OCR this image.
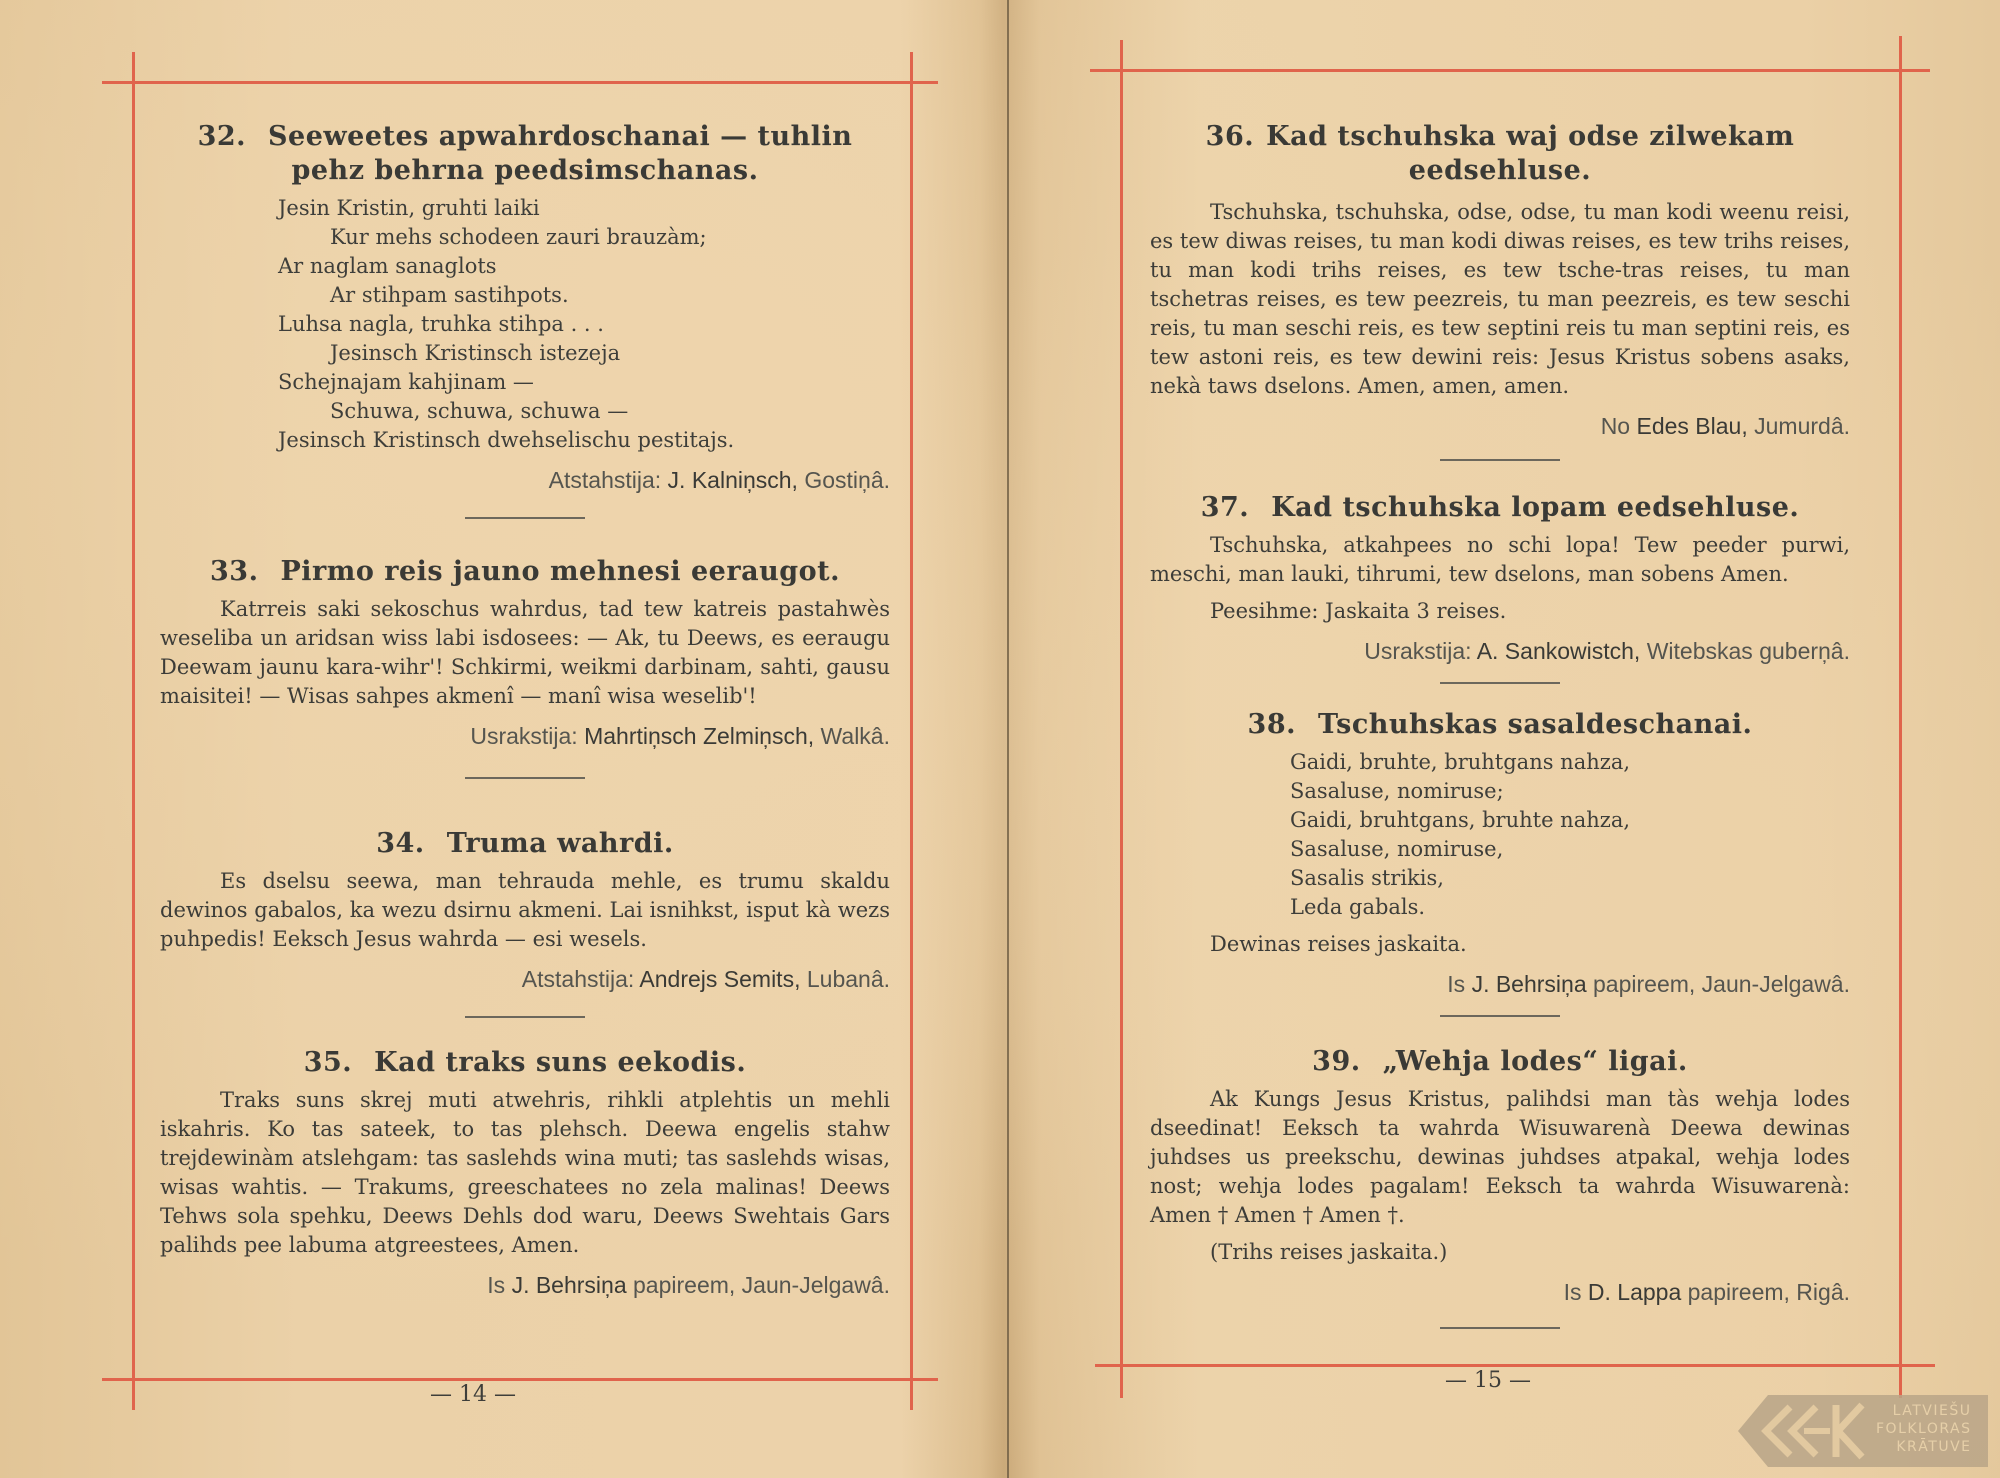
32. Seeweetes apwahrdoschanai — tuhlin pehz behrna peedsimschanas.
Jesin Kristin, gruhti laiki
Kur mehs schodeen zauri brauzàm;
Ar naglam sanaglots
Ar stihpam sastihpots.
Luhsa nagla, truhka stihpa . . .
Jesinsch Kristinsch istezeja
Schejnajam kahjinam —
Schuwa, schuwa, schuwa —
Jesinsch Kristinsch dwehselischu pestitajs.
Atstahstija: J. Kalniņsch, Gostiņâ.
33. Pirmo reis jauno mehnesi eeraugot.
Katrreis saki sekoschus wahrdus, tad tew katreis pastahwès weseliba un aridsan wiss labi isdosees: — Ak, tu Deews, es eeraugu Deewam jaunu kara-wihr'! Schkirmi, weikmi darbinam, sahti, gausu maisitei! — Wisas sahpes akmenî — manî wisa weselib'!
Usrakstija: Mahrtiņsch Zelmiņsch, Walkâ.
34. Truma wahrdi.
Es dselsu seewa, man tehrauda mehle, es trumu skaldu dewinos gabalos, ka wezu dsirnu akmeni. Lai isnihkst, isput kà wezs puhpedis! Eeksch Jesus wahrda — esi wesels.
Atstahstija: Andrejs Semits, Lubanâ.
35. Kad traks suns eekodis.
Traks suns skrej muti atwehris, rihkli atplehtis un mehli iskahris. Ko tas sateek, to tas plehsch. Deewa engelis stahw trejdewinàm atslehgam: tas saslehds wina muti; tas saslehds wisas, wisas wahtis. — Trakums, greeschatees no zela malinas! Deews Tehws sola spehku, Deews Dehls dod waru, Deews Swehtais Gars palihds pee labuma atgreestees, Amen.
Is J. Behrsiņa papireem, Jaun-Jelgawâ.
— 14 —
36. Kad tschuhska waj odse zilwekam eedsehluse.
Tschuhska, tschuhska, odse, odse, tu man kodi weenu reisi, es tew diwas reises, tu man kodi diwas reises, es tew trihs reises, tu man kodi trihs reises, es tew tsche-tras reises, tu man tschetras reises, es tew peezreis, tu man peezreis, es tew seschi reis, tu man seschi reis, es tew septini reis tu man septini reis, es tew astoni reis, es tew dewini reis: Jesus Kristus sobens asaks, nekà taws dselons. Amen, amen, amen.
No Edes Blau, Jumurdâ.
37. Kad tschuhska lopam eedsehluse.
Tschuhska, atkahpees no schi lopa! Tew peeder purwi, meschi, man lauki, tihrumi, tew dselons, man sobens Amen.
Peesihme: Jaskaita 3 reises.
Usrakstija: A. Sankowistch, Witebskas guberņâ.
38. Tschuhskas sasaldeschanai.
Gaidi, bruhte, bruhtgans nahza,
Sasaluse, nomiruse;
Gaidi, bruhtgans, bruhte nahza,
Sasaluse, nomiruse,
Sasalis strikis,
Leda gabals.
Dewinas reises jaskaita.
Is J. Behrsiņa papireem, Jaun-Jelgawâ.
39. „Wehja lodes“ ligai.
Ak Kungs Jesus Kristus, palihdsi man tàs wehja lodes dseedinat! Eeksch ta wahrda Wisuwarenà Deewa dewinas juhdses us preekschu, dewinas juhdses atpakal, wehja lodes nost; wehja lodes pagalam! Eeksch ta wahrda Wisuwarenà: Amen † Amen † Amen †.
(Trihs reises jaskaita.)
Is D. Lappa papireem, Rigâ.
— 15 —
LATVIEŠU
FOLKLORAS
KRĀTUVE
